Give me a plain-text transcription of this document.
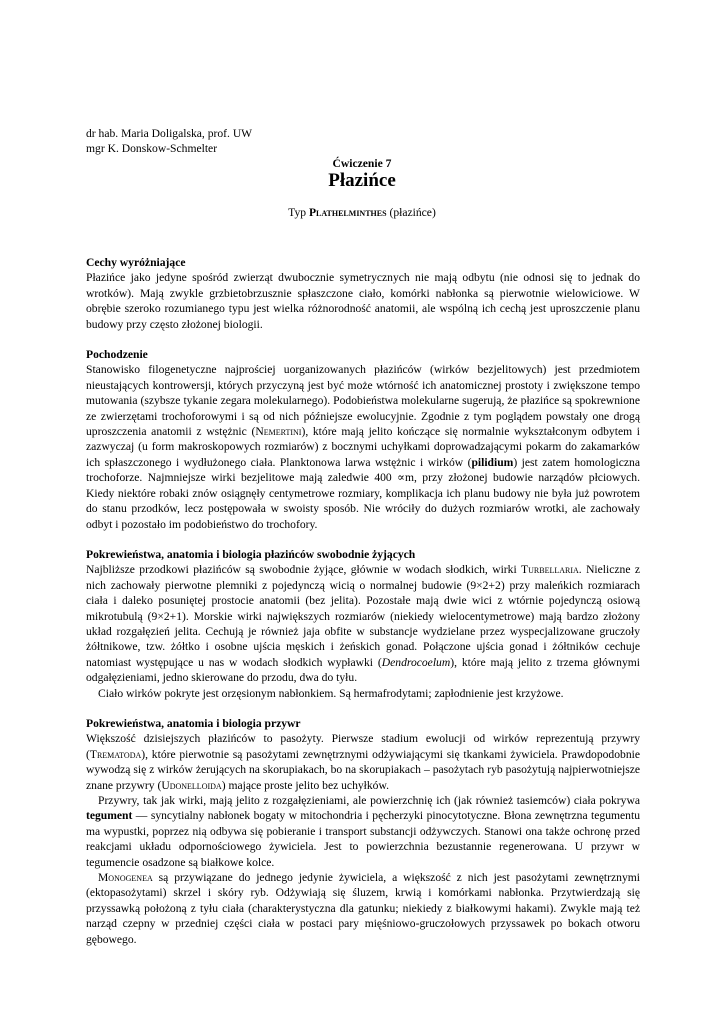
dr hab. Maria Doligalska, prof. UW
mgr K. Donskow-Schmelter
Ćwiczenie 7
Płazińce
Typ Plathelminthes (płazińce)
Cechy wyróżniające

Płazińce jako jedyne spośród zwierząt dwubocznie symetrycznych nie mają odbytu (nie odnosi się to jednak do wrotków). Mają zwykle grzbietobrzusznie spłaszczone ciało, komórki nabłonka są pierwotnie wielowiciowe. W obrębie szeroko rozumianego typu jest wielka różnorodność anatomii, ale wspólną ich cechą jest uproszczenie planu budowy przy często złożonej biologii.

Pochodzenie

Stanowisko filogenetyczne najprościej uorganizowanych płazińców (wirków bezjelitowych) jest przedmiotem nieustających kontrowersji, których przyczyną jest być może wtórność ich anatomicznej prostoty i zwiększone tempo mutowania (szybsze tykanie zegara molekularnego). Podobieństwa molekularne sugerują, że płazińce są spokrewnione ze zwierzętami trochoforowymi i są od nich późniejsze ewolucyjnie. Zgodnie z tym poglądem powstały one drogą uproszczenia anatomii z wstężnic (Nemertini), które mają jelito kończące się normalnie wykształconym odbytem i zazwyczaj (u form makroskopowych rozmiarów) z bocznymi uchyłkami doprowadzającymi pokarm do zakamarków ich spłaszczonego i wydłużonego ciała. Planktonowa larwa wstężnic i wirków (pilidium) jest zatem homologiczna trochoforze. Najmniejsze wirki bezjelitowe mają zaledwie 400 ∝m, przy złożonej budowie narządów płciowych. Kiedy niektóre robaki znów osiągnęły centymetrowe rozmiary, komplikacja ich planu budowy nie była już powrotem do stanu przodków, lecz postępowała w swoisty sposób. Nie wróciły do dużych rozmiarów wrotki, ale zachowały odbyt i pozostało im podobieństwo do trochofory.

Pokrewieństwa, anatomia i biologia płazińców swobodnie żyjących

Najbliższe przodkowi płazińców są swobodnie żyjące, głównie w wodach słodkich, wirki Turbellaria. Nieliczne z nich zachowały pierwotne plemniki z pojedynczą wicią o normalnej budowie (9×2+2) przy maleńkich rozmiarach ciała i daleko posuniętej prostocie anatomii (bez jelita). Pozostałe mają dwie wici z wtórnie pojedynczą osiową mikrotubulą (9×2+1). Morskie wirki największych rozmiarów (niekiedy wielocentymetrowe) mają bardzo złożony układ rozgałęzień jelita. Cechują je również jaja obfite w substancje wydzielane przez wyspecjalizowane gruczoły żółtnikowe, tzw. żółtko i osobne ujścia męskich i żeńskich gonad. Połączone ujścia gonad i żółtników cechuje natomiast występujące u nas w wodach słodkich wypławki (Dendrocoelum), które mają jelito z trzema głównymi odgałęzieniami, jedno skierowane do przodu, dwa do tyłu.

Ciało wirków pokryte jest orzęsionym nabłonkiem. Są hermafrodytami; zapłodnienie jest krzyżowe.

Pokrewieństwa, anatomia i biologia przywr

Większość dzisiejszych płazińców to pasożyty. Pierwsze stadium ewolucji od wirków reprezentują przywry (Trematoda), które pierwotnie są pasożytami zewnętrznymi odżywiającymi się tkankami żywiciela. Prawdopodobnie wywodzą się z wirków żerujących na skorupiakach, bo na skorupiakach – pasożytach ryb pasożytują najpierwotniejsze znane przywry (Udonelloida) mające proste jelito bez uchyłków.

Przywry, tak jak wirki, mają jelito z rozgałęzieniami, ale powierzchnię ich (jak również tasiemców) ciała pokrywa tegument — syncytialny nabłonek bogaty w mitochondria i pęcherzyki pinocytotyczne. Błona zewnętrzna tegumentu ma wypustki, poprzez nią odbywa się pobieranie i transport substancji odżywczych. Stanowi ona także ochronę przed reakcjami układu odpornościowego żywiciela. Jest to powierzchnia bezustannie regenerowana. U przywr w tegumencie osadzone są białkowe kolce.

Monogenea są przywiązane do jednego jedynie żywiciela, a większość z nich jest pasożytami zewnętrznymi (ektopasożytami) skrzel i skóry ryb. Odżywiają się śluzem, krwią i komórkami nabłonka. Przytwierdzają się przyssawką położoną z tyłu ciała (charakterystyczna dla gatunku; niekiedy z białkowymi hakami). Zwykle mają też narząd czepny w przedniej części ciała w postaci pary mięśniowo-gruczołowych przyssawek po bokach otworu gębowego.
